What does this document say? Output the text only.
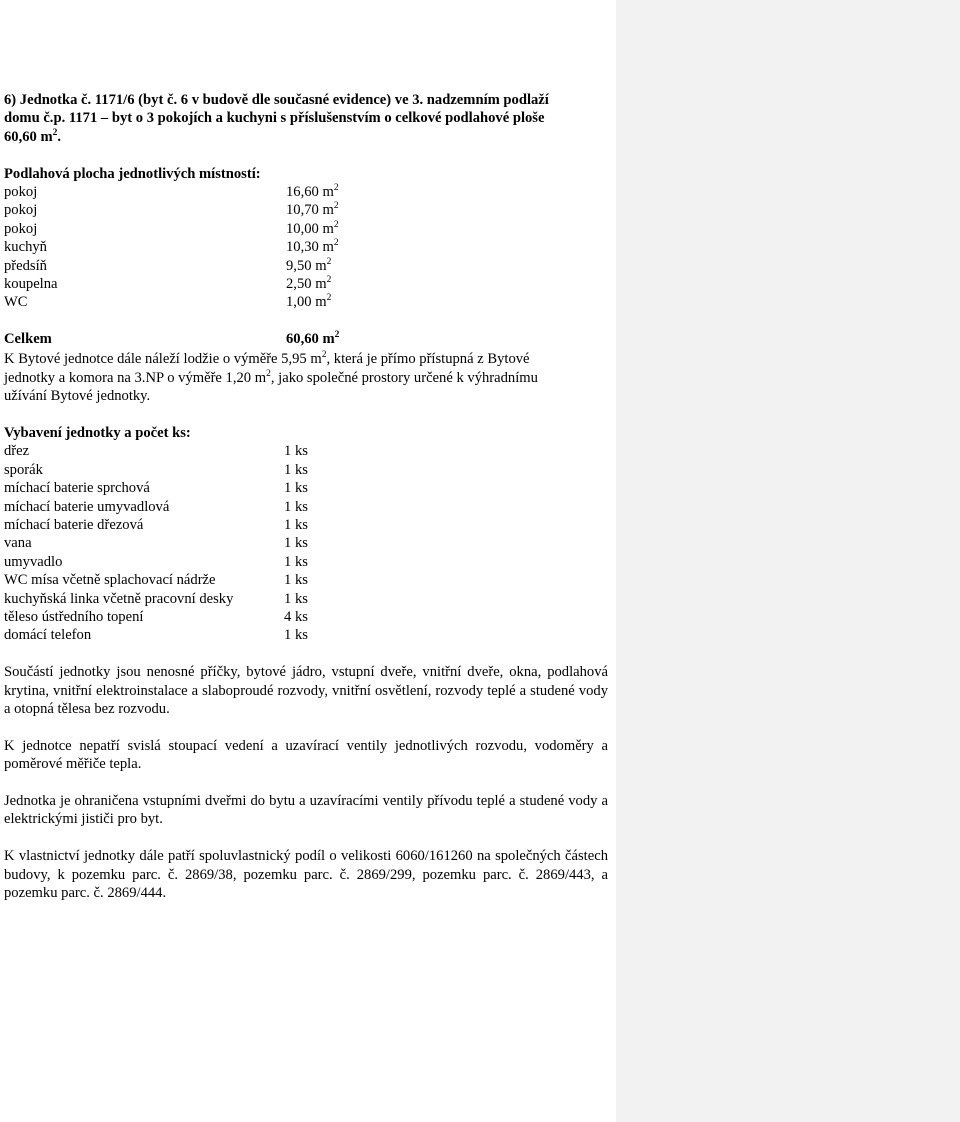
6) Jednotka č. 1171/6 (byt č. 6 v budově dle současné evidence) ve 3. nadzemním podlaží
domu č.p. 1171 – byt o 3 pokojích a kuchyni s příslušenstvím o celkové podlahové ploše
60,60 $m^2$.
Podlahová plocha jednotlivých místností:
pokoj	16,60 $m^2$
pokoj	10,70 $m^2$
pokoj	10,00 $m^2$
kuchyň	10,30 $m^2$
předsíň	9,50 $m^2$
koupelna	2,50 $m^2$
WC	1,00 $m^2$
Celkem	60,60 $m^2$
K Bytové jednotce dále náleží lodžie o výměře 5,95 $m^2$, která je přímo přístupná z Bytové
jednotky a komora na 3.NP o výměře 1,20 $m^2$, jako společné prostory určené k výhradnímu
užívání Bytové jednotky.
Vybavení jednotky a počet ks:
dřez	1 ks
sporák	1 ks
míchací baterie sprchová	1 ks
míchací baterie umyvadlová	1 ks
míchací baterie dřezová	1 ks
vana	1 ks
umyvadlo	1 ks
WC mísa včetně splachovací nádrže	1 ks
kuchyňská linka včetně pracovní desky	1 ks
těleso ústředního topení	4 ks
domácí telefon	1 ks

Součástí jednotky jsou nenosné příčky, bytové jádro, vstupní dveře, vnitřní dveře, okna, podlahová krytina, vnitřní elektroinstalace a slaboproudé rozvody, vnitřní osvětlení, rozvody teplé a studené vody a otopná tělesa bez rozvodu.

K jednotce nepatří svislá stoupací vedení a uzavírací ventily jednotlivých rozvodu, vodoměry a poměrové měřiče tepla.

Jednotka je ohraničena vstupními dveřmi do bytu a uzavíracími ventily přívodu teplé a studené vody a elektrickými jističi pro byt.

K vlastnictví jednotky dále patří spoluvlastnický podíl o velikosti 6060/161260 na společných částech budovy, k pozemku parc. č. 2869/38, pozemku parc. č. 2869/299, pozemku parc. č. 2869/443, a pozemku parc. č. 2869/444.
